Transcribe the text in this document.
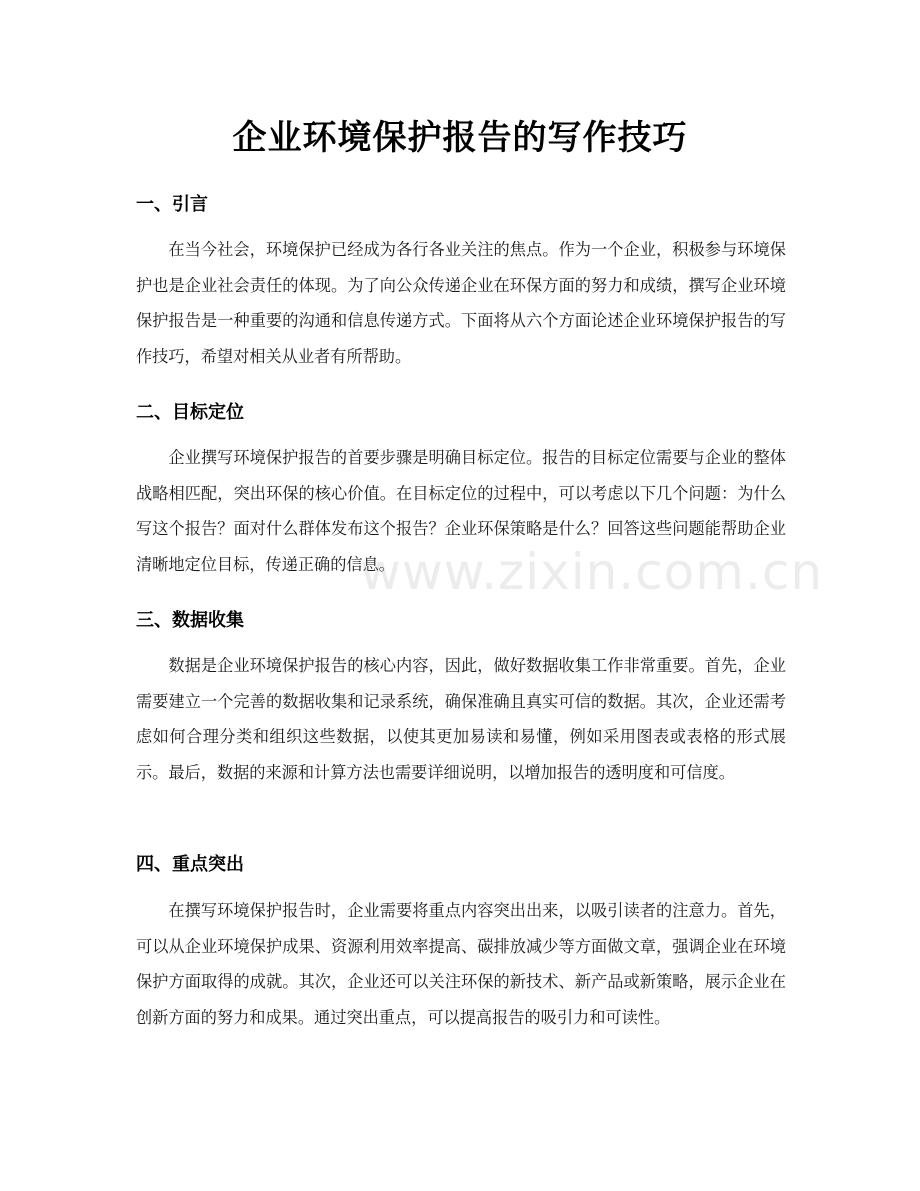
企业环境保护报告的写作技巧
一、引言

在当今社会，环境保护已经成为各行各业关注的焦点。作为一个企业，积极参与环境保护也是企业社会责任的体现。为了向公众传递企业在环保方面的努力和成绩，撰写企业环境保护报告是一种重要的沟通和信息传递方式。下面将从六个方面论述企业环境保护报告的写作技巧，希望对相关从业者有所帮助。

二、目标定位

企业撰写环境保护报告的首要步骤是明确目标定位。报告的目标定位需要与企业的整体战略相匹配，突出环保的核心价值。在目标定位的过程中，可以考虑以下几个问题：为什么写这个报告？面对什么群体发布这个报告？企业环保策略是什么？回答这些问题能帮助企业清晰地定位目标，传递正确的信息。

三、数据收集

数据是企业环境保护报告的核心内容，因此，做好数据收集工作非常重要。首先，企业需要建立一个完善的数据收集和记录系统，确保准确且真实可信的数据。其次，企业还需考虑如何合理分类和组织这些数据，以使其更加易读和易懂，例如采用图表或表格的形式展示。最后，数据的来源和计算方法也需要详细说明，以增加报告的透明度和可信度。

四、重点突出

在撰写环境保护报告时，企业需要将重点内容突出出来，以吸引读者的注意力。首先，可以从企业环境保护成果、资源利用效率提高、碳排放减少等方面做文章，强调企业在环境保护方面取得的成就。其次，企业还可以关注环保的新技术、新产品或新策略，展示企业在创新方面的努力和成果。通过突出重点，可以提高报告的吸引力和可读性。

www.zixin.com.cn
